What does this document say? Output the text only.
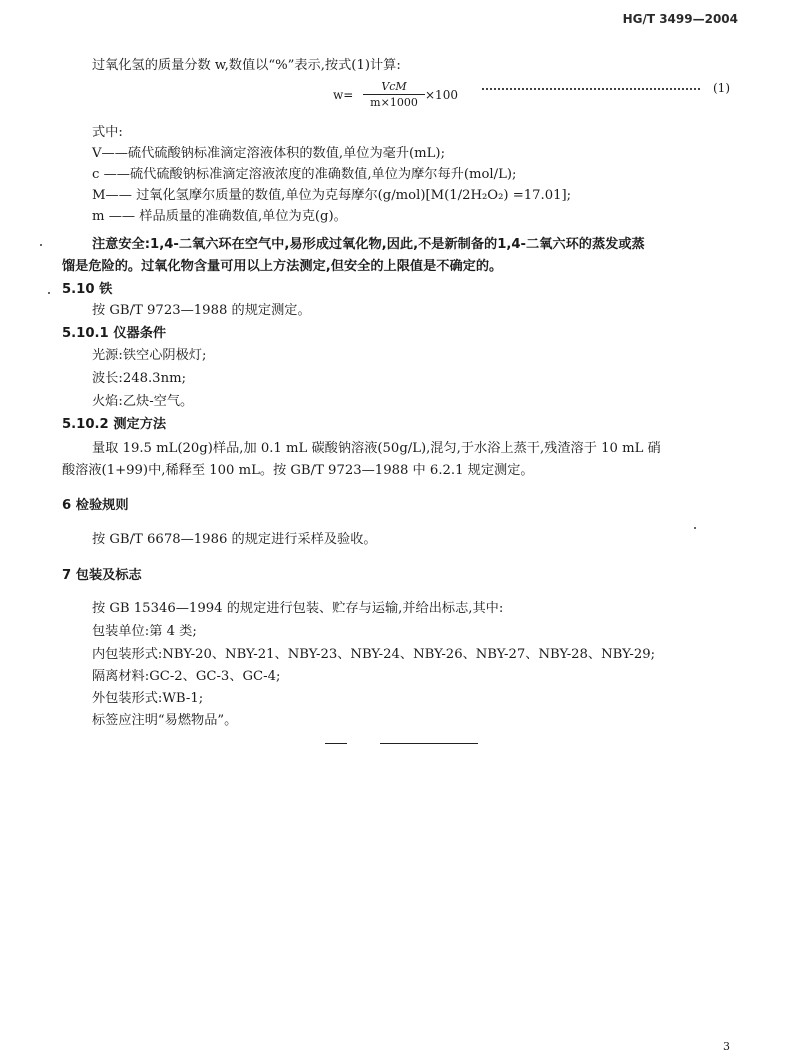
HG/T 3499—2004
过氧化氢的质量分数 w,数值以“%”表示,按式(1)计算:
w=
VcM
m×1000
×100	(1)
式中:
V——硫代硫酸钠标准滴定溶液体积的数值,单位为毫升(mL);
c ——硫代硫酸钠标准滴定溶液浓度的准确数值,单位为摩尔每升(mol/L);
M—— 过氧化氢摩尔质量的数值,单位为克每摩尔(g/mol)[M(1/2H₂O₂) =17.01];
m —— 样品质量的准确数值,单位为克(g)。
注意安全:1,4-二氧六环在空气中,易形成过氧化物,因此,不是新制备的1,4-二氧六环的蒸发或蒸
馏是危险的。过氧化物含量可用以上方法测定,但安全的上限值是不确定的。
5.10 铁
按 GB/T 9723—1988 的规定测定。
5.10.1 仪器条件
光源:铁空心阴极灯;
波长:248.3nm;
火焰:乙炔-空气。
5.10.2 测定方法
量取 19.5 mL(20g)样品,加 0.1 mL 碳酸钠溶液(50g/L),混匀,于水浴上蒸干,残渣溶于 10 mL 硝
酸溶液(1+99)中,稀释至 100 mL。按 GB/T 9723—1988 中 6.2.1 规定测定。
6 检验规则
按 GB/T 6678—1986 的规定进行采样及验收。
7 包装及标志
按 GB 15346—1994 的规定进行包装、贮存与运输,并给出标志,其中:
包装单位:第 4 类;
内包装形式:NBY-20、NBY-21、NBY-23、NBY-24、NBY-26、NBY-27、NBY-28、NBY-29;
隔离材料:GC-2、GC-3、GC-4;
外包装形式:WB-1;
标签应注明“易燃物品”。
3
